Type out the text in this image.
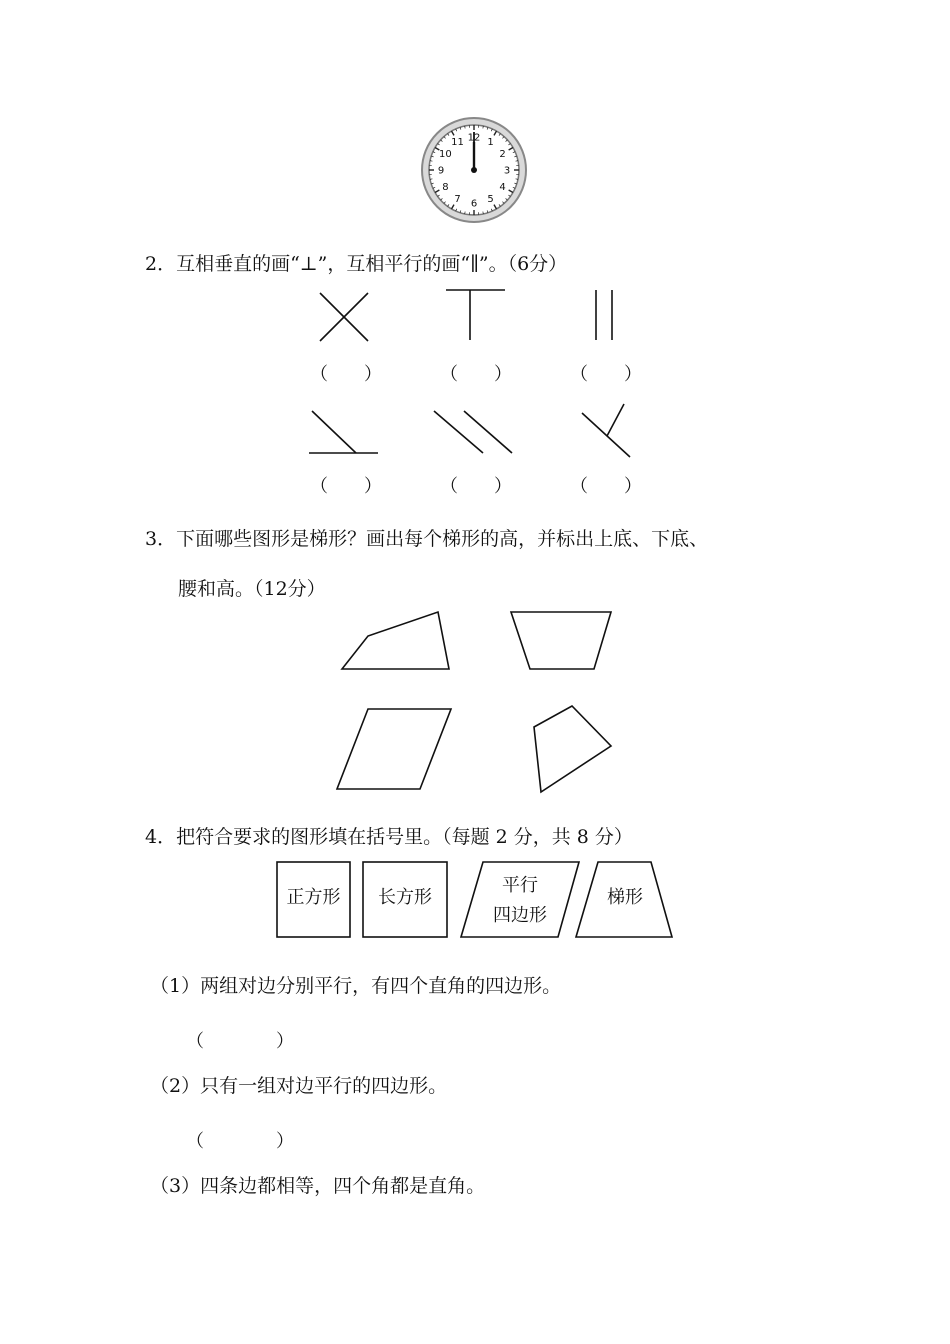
12 1
2
3
4
5
6
7
8
9
10
11
2．互相垂直的画“⊥”，互相平行的画“∥”。（6分）
（　　）	（　　）	（　　）
（　　）	（　　）	（　　）
3．下面哪些图形是梯形？画出每个梯形的高，并标出上底、下底、
腰和高。（12分）
4．把符合要求的图形填在括号里。（每题 2 分，共 8 分）
正方形	长方形
平行
四边形
梯形
（1）两组对边分别平行，有四个直角的四边形。
（　　　　）
（2）只有一组对边平行的四边形。
（　　　　）
（3）四条边都相等，四个角都是直角。
